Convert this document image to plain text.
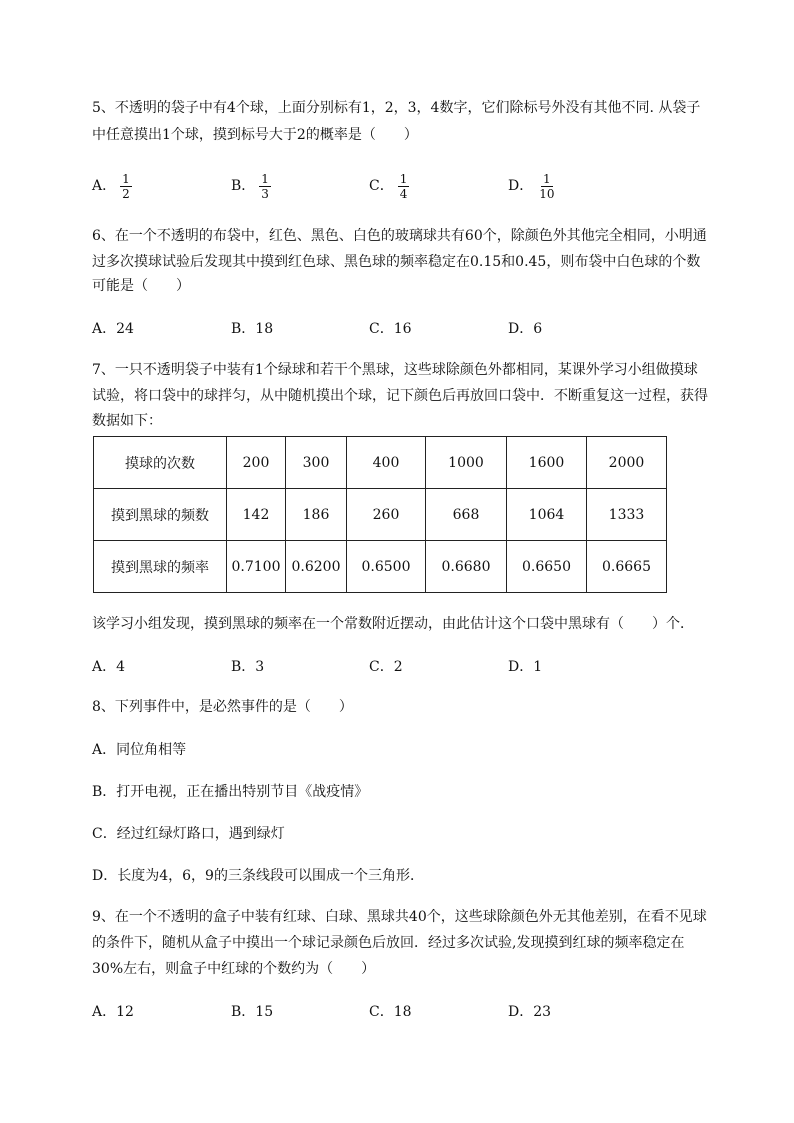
5、不透明的袋子中有4个球，上面分别标有1，2，3，4数字，它们除标号外没有其他不同. 从袋子
中任意摸出1个球，摸到标号大于2的概率是（　　）
A． $\frac{1}{2}$	B． $\frac{1}{3}$	C． $\frac{1}{4}$	D． $\frac{1}{10}$
6、在一个不透明的布袋中，红色、黑色、白色的玻璃球共有60个，除颜色外其他完全相同，小明通
过多次摸球试验后发现其中摸到红色球、黑色球的频率稳定在0.15和0.45，则布袋中白色球的个数
可能是（　　）
A．24	B．18	C．16	D．6
7、一只不透明袋子中装有1个绿球和若干个黑球，这些球除颜色外都相同，某课外学习小组做摸球
试验，将口袋中的球拌匀，从中随机摸出个球，记下颜色后再放回口袋中．不断重复这一过程，获得
数据如下：
摸球的次数	200	300	400	1000	1600	2000
摸到黑球的频数	142	186	260	668	1064	1333
摸到黑球的频率	0.7100	0.6200	0.6500	0.6680	0.6650	0.6665
该学习小组发现，摸到黑球的频率在一个常数附近摆动，由此估计这个口袋中黑球有（　　）个．
A．4	B．3	C．2	D．1
8、下列事件中，是必然事件的是（　　）
A．同位角相等
B．打开电视，正在播出特别节目《战疫情》
C．经过红绿灯路口，遇到绿灯
D．长度为4，6，9的三条线段可以围成一个三角形．
9、在一个不透明的盒子中装有红球、白球、黑球共40个，这些球除颜色外无其他差别，在看不见球
的条件下，随机从盒子中摸出一个球记录颜色后放回．经过多次试验,发现摸到红球的频率稳定在
30%左右，则盒子中红球的个数约为（　　）
A．12	B．15	C．18	D．23
